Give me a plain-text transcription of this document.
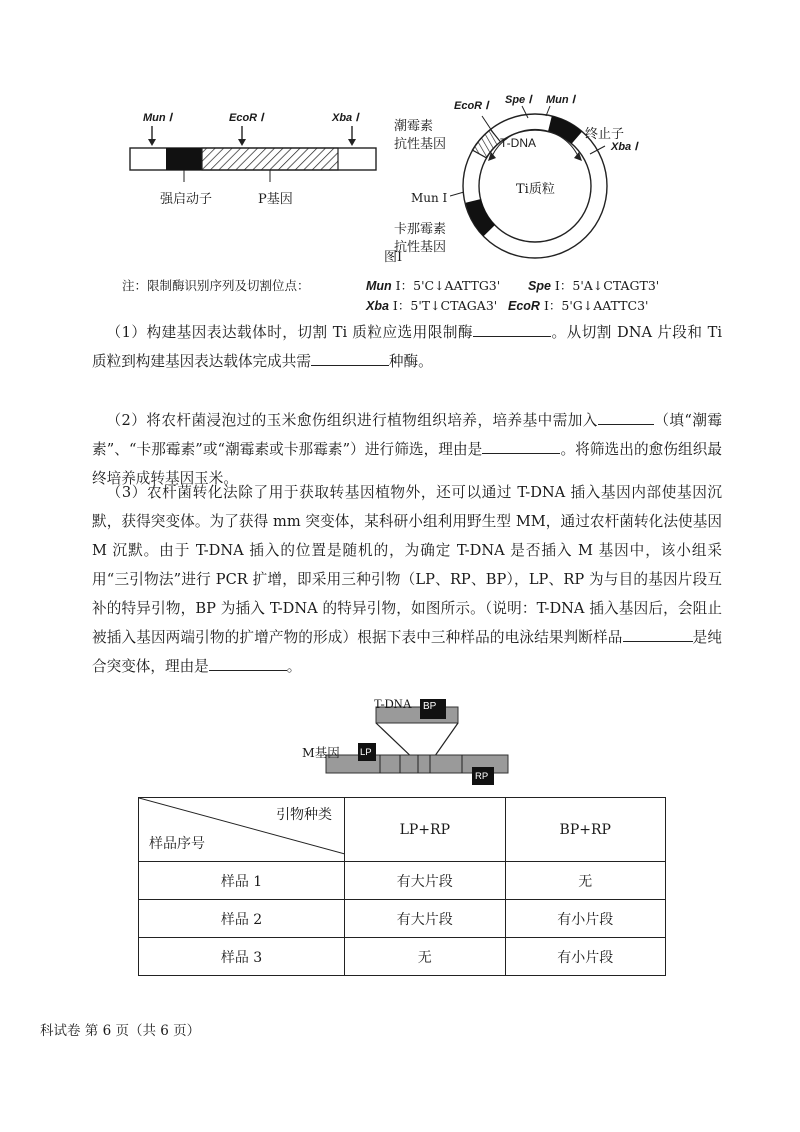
Mun Ⅰ	EcoR Ⅰ	Xba Ⅰ
强启动子	P基因
EcoR Ⅰ Spe Ⅰ Mun Ⅰ
终止子
Xba Ⅰ
潮霉素
抗性基因
Mun Ⅰ
卡那霉素
抗性基因
T-DNA
Ti质粒
图Ⅰ
注：限制酶识别序列及切割位点：	Mun Ⅰ：5'C↓AATTG3' Spe Ⅰ：5'A↓CTAGT3'
Xba Ⅰ：5'T↓CTAGA3' EcoR Ⅰ：5'G↓AATTC3'

（1）构建基因表达载体时，切割 Ti 质粒应选用限制酶	。从切割 DNA 片段和 Ti 质粒到构建基因表达载体完成共需	种酶。

（2）将农杆菌浸泡过的玉米愈伤组织进行植物组织培养，培养基中需加入	（填“潮霉素”、“卡那霉素”或“潮霉素或卡那霉素”）进行筛选，理由是	。将筛选出的愈伤组织最终培养成转基因玉米。

（3）农杆菌转化法除了用于获取转基因植物外，还可以通过 T-DNA 插入基因内部使基因沉默，获得突变体。为了获得 mm 突变体，某科研小组利用野生型 MM，通过农杆菌转化法使基因 M 沉默。由于 T-DNA 插入的位置是随机的，为确定 T-DNA 是否插入 M 基因中，该小组采用“三引物法”进行 PCR 扩增，即采用三种引物（LP、RP、BP），LP、RP 为与目的基因片段互补的特异引物，BP 为插入 T-DNA 的特异引物，如图所示。（说明：T-DNA 插入基因后，会阻止被插入基因两端引物的扩增产物的形成）根据下表中三种样品的电泳结果判断样品	是纯合突变体，理由是	。

T-DNA BP
M基因 LP
RP
引物种类
样品序号	LP+RP	BP+RP
样品 1	有大片段	无
样品 2	有大片段	有小片段
样品 3	无	有小片段
科试卷 第 6 页（共 6 页）
